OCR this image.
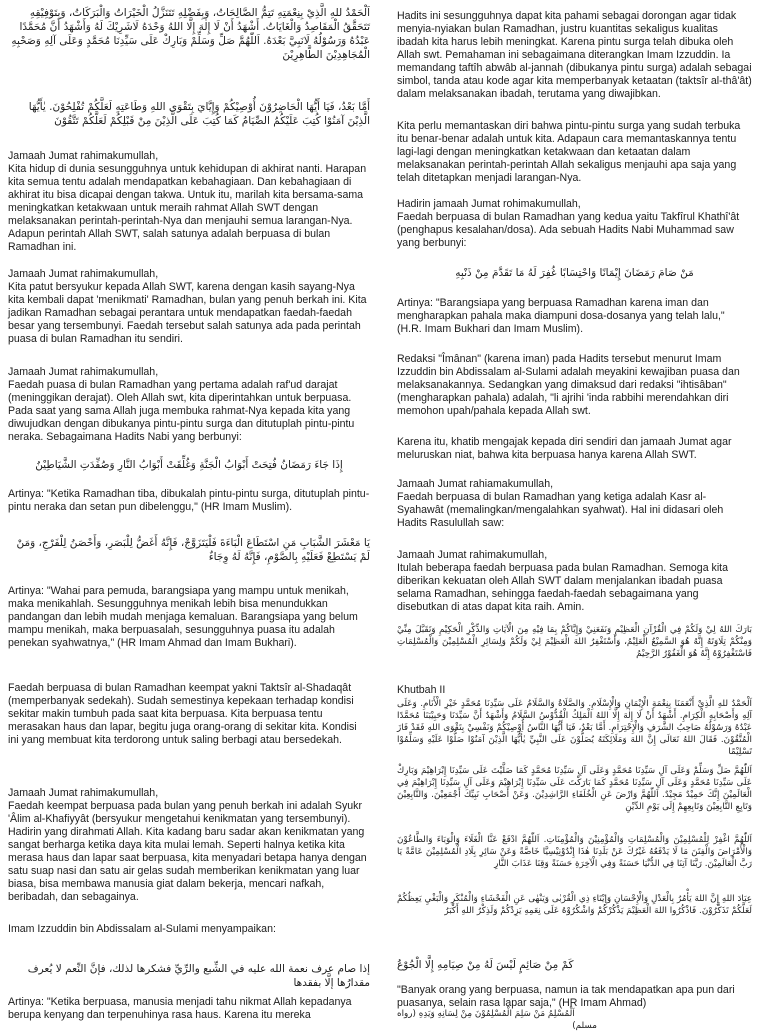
اَلْحَمْدُ للهِ الَّذِيْ بِنِعْمَتِهِ تَتِمُّ الصَّالِحَاتُ، وَبِفَضْلِهِ تَتَنَزَّلُ الْخَيْرَاتُ وَالْبَرَكَاتُ، وَبِتَوْفِيْقِهِ تَتَحَقَّقُ الْمَقَاصِدُ وَالْغَايَاتُ. أَشْهَدُ أَنْ لَا إِلٰهَ إِلَّا اللهُ وَحْدَهُ لَاشَرِيْكَ لَهُ وَأَشْهَدُ أَنَّ مُحَمَّدًا عَبْدُهُ وَرَسُوْلُهُ لَانَبِيَّ بَعْدَهُ. اَللّٰهُمَّ صَلِّ وَسَلِّمْ وَبَارِكْ عَلَى سَيِّدِنَا مُحَمَّدٍ وَعَلَى آلِهِ وَصَحْبِهِ الْمُجَاهِدِيْنَ الطَّاهِرِيْنَ

أَمَّا بَعْدُ، فَيَا أَيُّهَا الْحَاضِرُوْنَ أُوْصِيْكُمْ وَإِيَّايَ بِتَقْوَى اللهِ وَطَاعَتِهِ لَعَلَّكُمْ تُفْلِحُوْنَ. يٰأَيُّهَا الَّذِيْنَ آمَنُوْا كُتِبَ عَلَيْكُمُ الصِّيَامُ كَمَا كُتِبَ عَلَى الَّذِيْنَ مِنْ قَبْلِكُمْ لَعَلَّكُمْ تَتَّقُوْنَ

Jamaah Jumat rahimakumullah,
Kita hidup di dunia sesungguhnya untuk kehidupan di akhirat nanti. Harapan kita semua tentu adalah mendapatkan kebahagiaan. Dan kebahagiaan di akhirat itu bisa dicapai dengan takwa. Untuk itu, marilah kita bersama-sama meningkatkan ketakwaan untuk meraih rahmat Allah SWT dengan melaksanakan perintah-perintah-Nya dan menjauhi semua larangan-Nya. Adapun perintah Allah SWT, salah satunya adalah berpuasa di bulan Ramadhan ini.

Jamaah Jumat rahimakumullah,
Kita patut bersyukur kepada Allah SWT, karena dengan kasih sayang-Nya kita kembali dapat 'menikmati' Ramadhan, bulan yang penuh berkah ini. Kita jadikan Ramadhan sebagai perantara untuk mendapatkan faedah-faedah besar yang tersembunyi. Faedah tersebut salah satunya ada pada perintah puasa di bulan Ramadhan itu sendiri.

Jamaah Jumat rahimakumullah,
Faedah puasa di bulan Ramadhan yang pertama adalah raf'ud darajat (meninggikan derajat). Oleh Allah swt, kita diperintahkan untuk berpuasa. Pada saat yang sama Allah juga membuka rahmat-Nya kepada kita yang diwujudkan dengan dibukanya pintu-pintu surga dan ditutuplah pintu-pintu neraka. Sebagaimana Hadits Nabi yang berbunyi:

إِذَا جَاءَ رَمَضَانُ فُتِحَتْ أَبْوَابُ الْجَنَّةِ وَغُلِّقَتْ أَبْوَابُ النَّارِ وَصُفِّدَتِ الشَّيَاطِيْنُ

Artinya: "Ketika Ramadhan tiba, dibukalah pintu-pintu surga, ditutuplah pintu-pintu neraka dan setan pun dibelenggu," (HR Imam Muslim).

يَا مَعْشَرَ الشَّبَابِ مَنِ اسْتَطَاعَ الْبَاءَةَ فَلْيَتَزَوَّجْ، فَإِنَّهُ أَغَضُّ لِلْبَصَرِ، وَأَحْصَنُ لِلْفَرْجِ، وَمَنْ لَمْ يَسْتَطِعْ فَعَلَيْهِ بِالصَّوْمِ، فَإِنَّهُ لَهُ وِجَاءٌ

Artinya: "Wahai para pemuda, barangsiapa yang mampu untuk menikah, maka menikahlah. Sesungguhnya menikah lebih bisa menundukkan pandangan dan lebih mudah menjaga kemaluan. Barangsiapa yang belum mampu menikah, maka berpuasalah, sesungguhnya puasa itu adalah penekan syahwatnya," (HR Imam Ahmad dan Imam Bukhari).

Faedah berpuasa di bulan Ramadhan keempat yakni Taktsîr al-Shadaqât (memperbanyak sedekah). Sudah semestinya kepekaan terhadap kondisi sekitar makin tumbuh pada saat kita berpuasa. Kita berpuasa tentu merasakan haus dan lapar, begitu juga orang-orang di sekitar kita. Kondisi ini yang membuat kita terdorong untuk saling berbagi atau bersedekah.

Jamaah Jumat rahimakumullah,
Faedah keempat berpuasa pada bulan yang penuh berkah ini adalah Syukr 'Âlim al-Khafiyyât (bersyukur mengetahui kenikmatan yang tersembunyi). Hadirin yang dirahmati Allah. Kita kadang baru sadar akan kenikmatan yang sangat berharga ketika daya kita mulai lemah. Seperti halnya ketika kita merasa haus dan lapar saat berpuasa, kita menyadari betapa hanya dengan satu suap nasi dan satu air gelas sudah memberikan kenikmatan yang luar biasa, bisa membawa manusia giat dalam bekerja, mencari nafkah, beribadah, dan sebagainya.

Imam Izzuddin bin Abdissalam al-Sulami menyampaikan:

إذا صام عرف نعمة الله عليه في الشِّبع والرِّيِّ فشكرها لذلك، فإنَّ النِّعم لا يُعرف مقدارُها إلَّا بفقدها

Artinya: "Ketika berpuasa, manusia menjadi tahu nikmat Allah kepadanya berupa kenyang dan terpenuhinya rasa haus. Karena itu mereka

Hadits ini sesungguhnya dapat kita pahami sebagai dorongan agar tidak menyia-nyiakan bulan Ramadhan, justru kuantitas sekaligus kualitas ibadah kita harus lebih meningkat. Karena pintu surga telah dibuka oleh Allah swt. Pemahaman ini sebagaimana diterangkan Imam Izzuddin. Ia memandang taftîh abwâb al-jannah (dibukanya pintu surga) adalah sebagai simbol, tanda atau kode agar kita memperbanyak ketaatan (taktsîr al-thâ'ât) dalam melaksanakan ibadah, terutama yang diwajibkan.

Kita perlu memantaskan diri bahwa pintu-pintu surga yang sudah terbuka itu benar-benar adalah untuk kita. Adapaun cara memantaskannya tentu lagi-lagi dengan meningkatkan ketakwaan dan ketaatan dalam melaksanakan perintah-perintah Allah sekaligus menjauhi apa saja yang telah ditetapkan menjadi larangan-Nya.

Hadirin jamaah Jumat rohimakumullah,
Faedah berpuasa di bulan Ramadhan yang kedua yaitu Takfîrul Khathî'ât (penghapus kesalahan/dosa). Ada sebuah Hadits Nabi Muhammad saw yang berbunyi:

مَنْ صَامَ رَمَضَانَ إِيْمَانًا وَاحْتِسَابًا غُفِرَ لَهُ مَا تَقَدَّمَ مِنْ ذَنْبِهِ

Artinya: "Barangsiapa yang berpuasa Ramadhan karena iman dan mengharapkan pahala maka diampuni dosa-dosanya yang telah lalu," (H.R. Imam Bukhari dan Imam Muslim).

Redaksi "Îmânan" (karena iman) pada Hadits tersebut menurut Imam Izzuddin bin Abdissalam al-Sulami adalah meyakini kewajiban puasa dan melaksanakannya. Sedangkan yang dimaksud dari redaksi "ihtisâban" (mengharapkan pahala) adalah, "li ajrihi 'inda rabbihi merendahkan diri memohon upah/pahala kepada Allah swt.

Karena itu, khatib mengajak kepada diri sendiri dan jamaah Jumat agar meluruskan niat, bahwa kita berpuasa hanya karena Allah SWT.

Jamaah Jumat rahiamakumullah,
Faedah berpuasa di bulan Ramadhan yang ketiga adalah Kasr al-Syahawât (memalingkan/mengalahkan syahwat). Hal ini didasari oleh Hadits Rasulullah saw:

Jamaah Jumat rahimakumullah,
Itulah beberapa faedah berpuasa pada bulan Ramadhan. Semoga kita diberikan kekuatan oleh Allah SWT dalam menjalankan ibadah puasa selama Ramadhan, sehingga faedah-faedah sebagaimana yang disebutkan di atas dapat kita raih. Amin.

بَارَكَ اللهُ لِيْ وَلَكُمْ فِي الْقُرْآنِ الْعَظِيْمِ وَنَفَعَنِيْ وَإِيَّاكُمْ بِمَا فِيْهِ مِنَ الْآيَاتِ وَالذِّكْرِ الْحَكِيْمِ وَتَقَبَّلَ مِنِّيْ وَمِنْكُمْ تِلَاوَتَهُ إِنَّهُ هُوَ السَّمِيْعُ الْعَلِيْمُ، وَأَسْتَغْفِرُ اللهَ الْعَظِيْمَ لِيْ وَلَكُمْ وَلِسَائِرِ الْمُسْلِمِيْنَ وَالْمُسْلِمَاتِ فَاسْتَغْفِرُوْهُ إِنَّهُ هُوَ الْغَفُوْرُ الرَّحِيْمُ

Khutbah II

اَلْحَمْدُ للهِ الَّذِيْ أَنْعَمَنَا بِنِعْمَةِ الْإِيْمَانِ وَالْإِسْلَامِ. وَالصَّلَاةُ وَالسَّلَامُ عَلَى سَيِّدِنَا مُحَمَّدٍ خَيْرِ الْأَنَامِ. وَعَلَى آلِهِ وَأَصْحَابِهِ الْكِرَامِ. أَشْهَدُ أَنْ لَا إِلٰهَ إِلَّا اللهُ الْمَلِكُ الْقُدُّوْسُ السَّلَامُ وَأَشْهَدُ أَنَّ سَيِّدَنَا وَحَبِيْبَنَا مُحَمَّدًا عَبْدُهُ وَرَسُوْلُهُ صَاحِبُ الشَّرَفِ وَالْإِحْتِرَامِ. أَمَّا بَعْدُ، فَيَا أَيُّهَا النَّاسُ أُوْصِيْكُمْ وَنَفْسِيْ بِتَقْوَى اللهِ فَقَدْ فَازَ الْمُتَّقُوْنَ. فَقَالَ اللهُ تَعَالَى إِنَّ اللهَ وَمَلَائِكَتَهُ يُصَلُّوْنَ عَلَى النَّبِيِّ يٰأَيُّهَا الَّذِيْنَ آمَنُوْا صَلُّوْا عَلَيْهِ وَسَلِّمُوْا تَسْلِيْمًا

اَللّٰهُمَّ صَلِّ وَسَلِّمْ وَعَلَى آلِ سَيِّدِنَا مُحَمَّدٍ وَعَلَى آلِ سَيِّدِنَا مُحَمَّدٍ كَمَا صَلَّيْتَ عَلَى سَيِّدِنَا إِبْرَاهِيْمَ وَبَارِكْ عَلَى سَيِّدِنَا مُحَمَّدٍ وَعَلَى آلِ سَيِّدِنَا مُحَمَّدٍ كَمَا بَارَكْتَ عَلَى سَيِّدِنَا إِبْرَاهِيْمَ وَعَلَى آلِ سَيِّدِنَا إِبْرَاهِيْمَ فِي الْعَالَمِيْنَ إِنَّكَ حَمِيْدٌ مَجِيْدٌ. اَللّٰهُمَّ وَارْضَ عَنِ الْخُلَفَاءِ الرَّاشِدِيْنَ. وَعَنْ أَصْحَابِ نَبِيِّكَ أَجْمَعِيْنَ. وَالتَّابِعِيْنَ وَتَابِعِ التَّابِعِيْنَ وَتَابِعِهِمْ إِلَى يَوْمِ الدِّيْنِ

اَللّٰهُمَّ اغْفِرْ لِلْمُسْلِمِيْنَ وَالْمُسْلِمَاتِ وَالْمُؤْمِنِيْنَ وَالْمُؤْمِنَاتِ. اَللّٰهُمَّ ادْفَعْ عَنَّا الْغَلَاءَ وَالْوَبَاءَ وَالطَّاعُوْنَ وَالْأَمْرَاضَ وَالْفِتَنَ مَا لَا يَدْفَعُهُ غَيْرُكَ عَنْ بَلَدِنَا هٰذَا إِنْدُوْنِيْسِيَّا خَاصَّةً وَعَنْ سَائِرِ بِلَادِ الْمُسْلِمِيْنَ عَامَّةً يَا رَبَّ الْعَالَمِيْنَ. رَبَّنَا آتِنَا فِي الدُّنْيَا حَسَنَةً وَفِي الْآخِرَةِ حَسَنَةً وَقِنَا عَذَابَ النَّارِ

عِبَادَ اللهِ إِنَّ اللهَ يَأْمُرُ بِالْعَدْلِ وَالْإِحْسَانِ وَإِيْتَاءِ ذِي الْقُرْبٰى وَيَنْهٰى عَنِ الْفَحْشَاءِ وَالْمُنْكَرِ وَالْبَغْيِ يَعِظُكُمْ لَعَلَّكُمْ تَذَكَّرُوْنَ. فَاذْكُرُوا اللهَ الْعَظِيْمَ يَذْكُرْكُمْ وَاشْكُرُوْهُ عَلَى نِعَمِهِ يَزِدْكُمْ وَلَذِكْرُ اللهِ أَكْبَرُ

كَمْ مِنْ صَائِمٍ لَيْسَ لَهُ مِنْ صِيَامِهِ إِلَّا الْجُوْعُ

"Banyak orang yang berpuasa, namun ia tak mendapatkan apa pun dari puasanya, selain rasa lapar saja," (HR Imam Ahmad)

اَلْمُسْلِمُ مَنْ سَلِمَ الْمُسْلِمُوْنَ مِنْ لِسَانِهِ وَيَدِهِ (رواه مسلم)
